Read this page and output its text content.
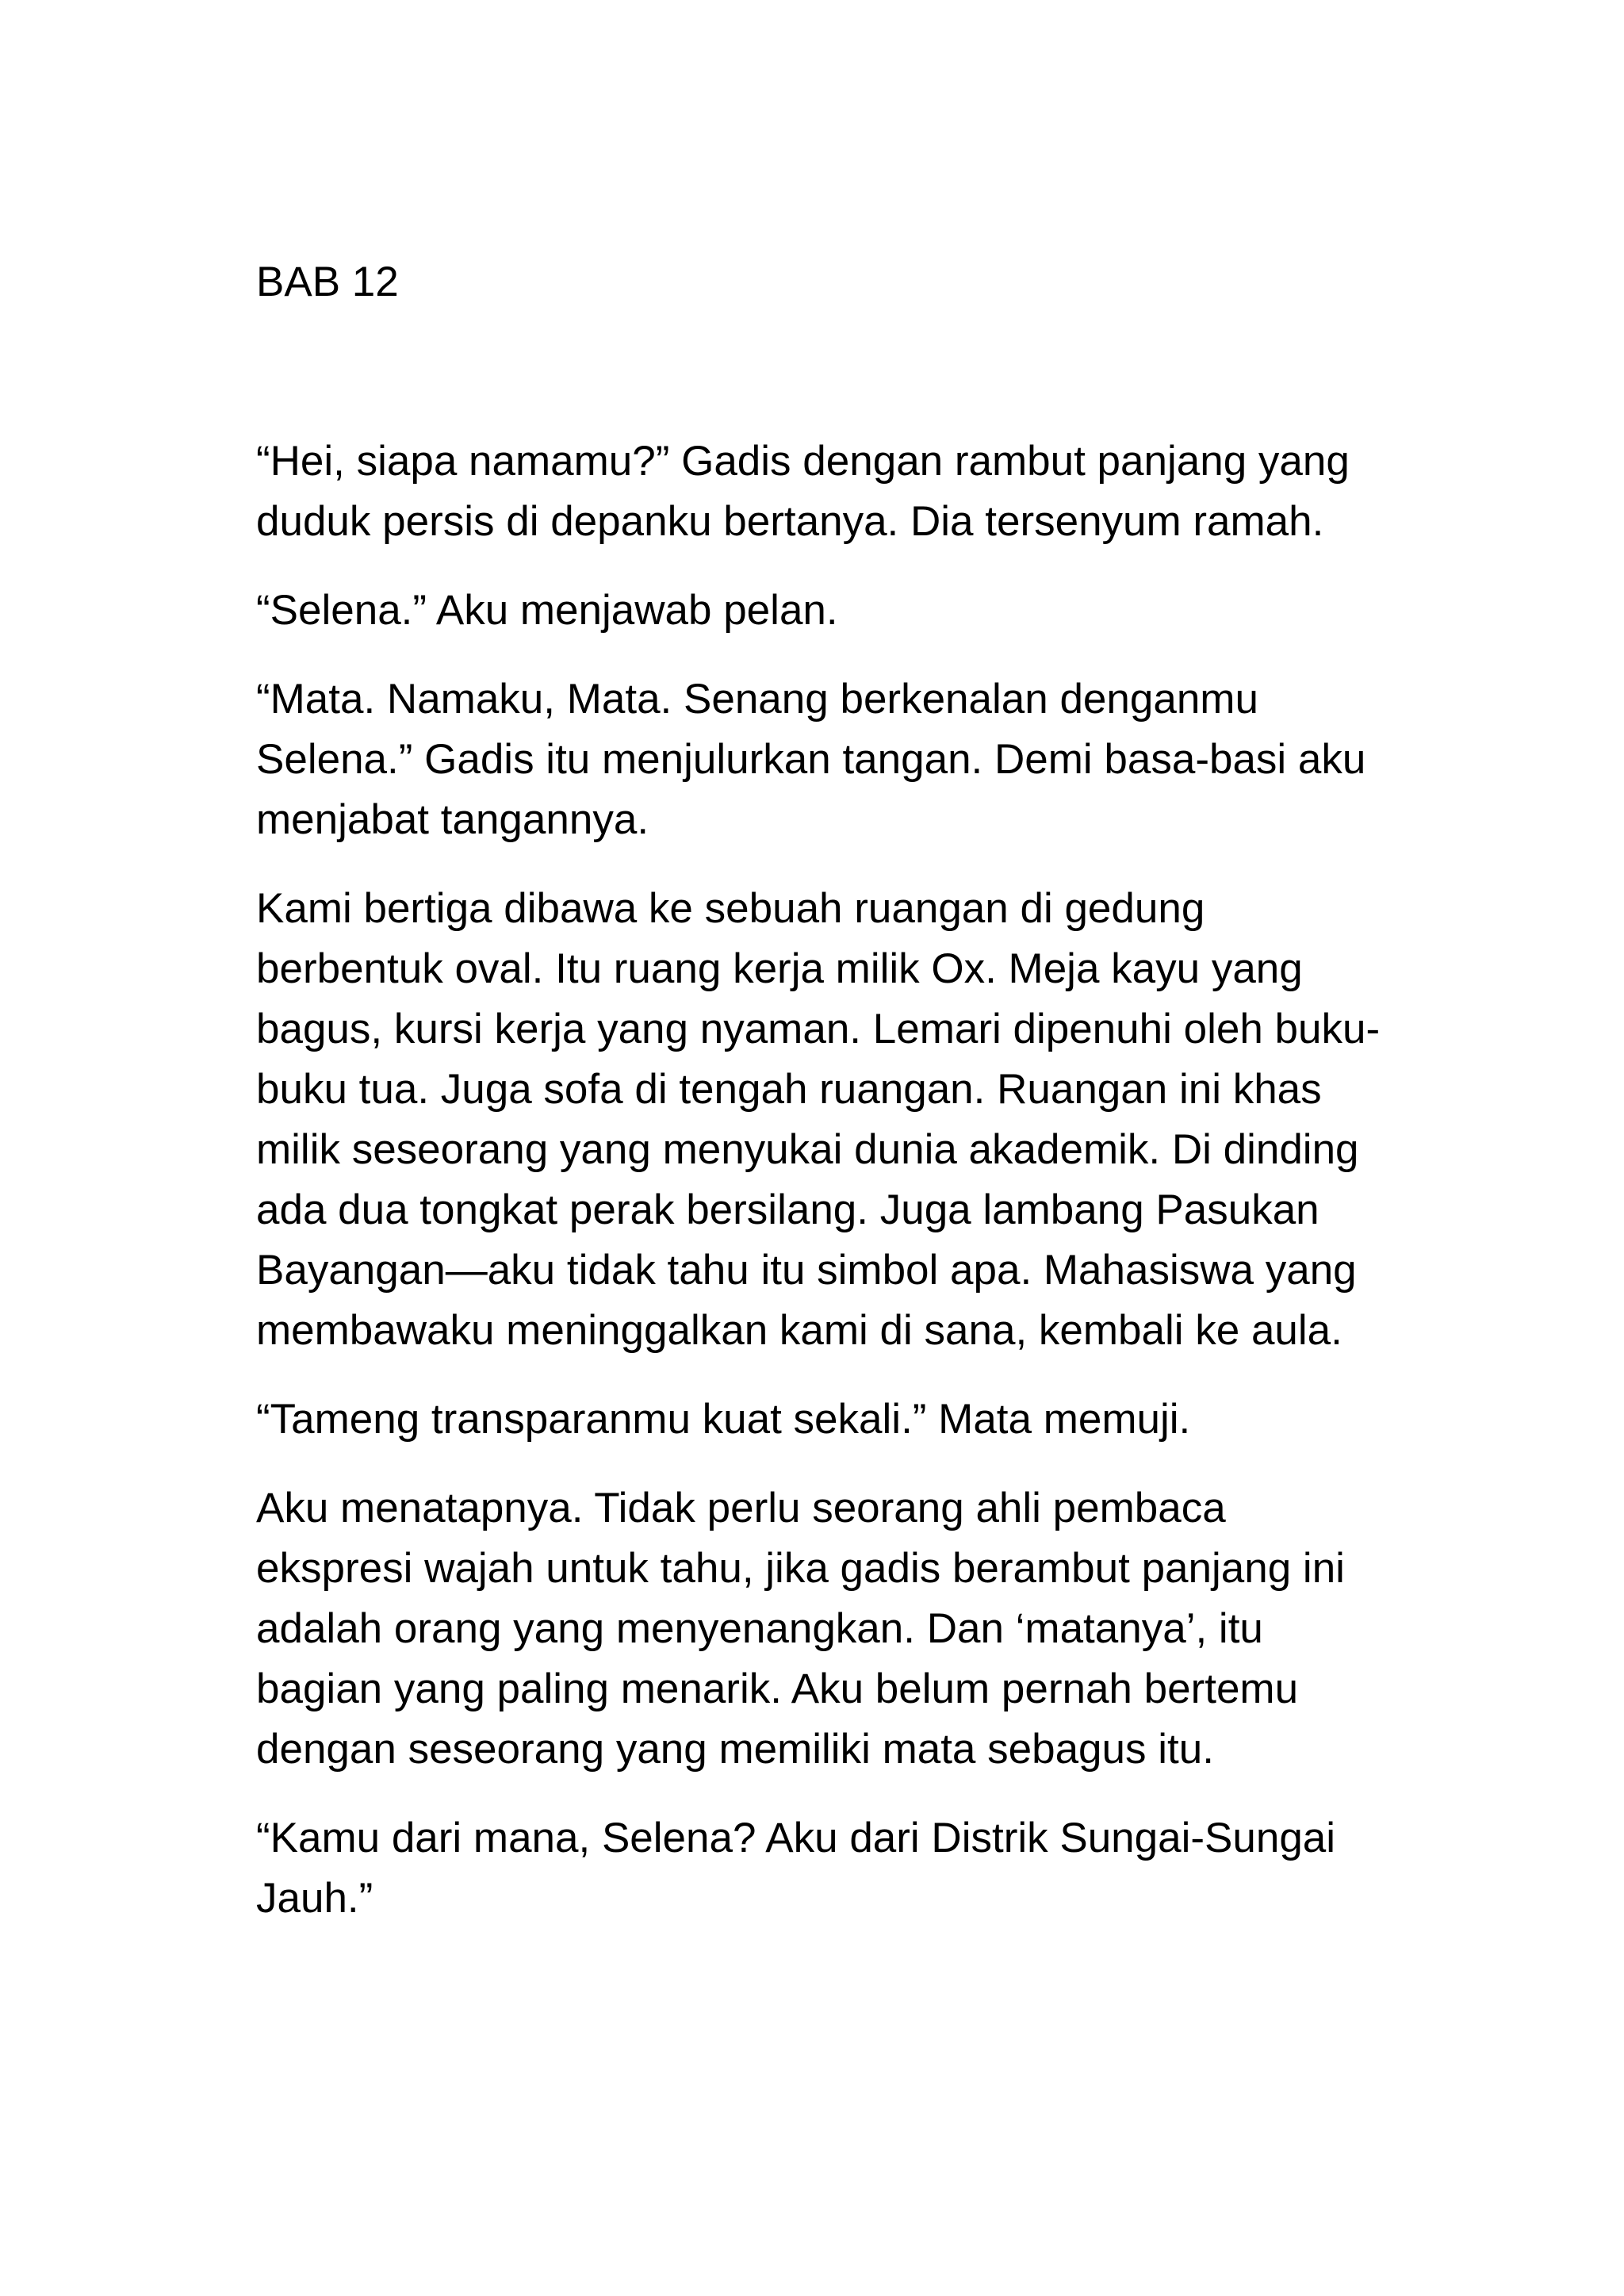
BAB 12

“Hei, siapa namamu?” Gadis dengan rambut panjang yang duduk persis di depanku bertanya. Dia tersenyum ramah.

“Selena.” Aku menjawab pelan.

“Mata. Namaku, Mata. Senang berkenalan denganmu Selena.” Gadis itu menjulurkan tangan. Demi basa-basi aku menjabat tangannya.

Kami bertiga dibawa ke sebuah ruangan di gedung berbentuk oval. Itu ruang kerja milik Ox. Meja kayu yang bagus, kursi kerja yang nyaman. Lemari dipenuhi oleh buku-buku tua. Juga sofa di tengah ruangan. Ruangan ini khas milik seseorang yang menyukai dunia akademik. Di dinding ada dua tongkat perak bersilang. Juga lambang Pasukan Bayangan—aku tidak tahu itu simbol apa. Mahasiswa yang membawaku meninggalkan kami di sana, kembali ke aula.

“Tameng transparanmu kuat sekali.” Mata memuji.

Aku menatapnya. Tidak perlu seorang ahli pembaca ekspresi wajah untuk tahu, jika gadis berambut panjang ini adalah orang yang menyenangkan. Dan ‘matanya’, itu bagian yang paling menarik. Aku belum pernah bertemu dengan seseorang yang memiliki mata sebagus itu.

“Kamu dari mana, Selena? Aku dari Distrik Sungai-Sungai Jauh.”
